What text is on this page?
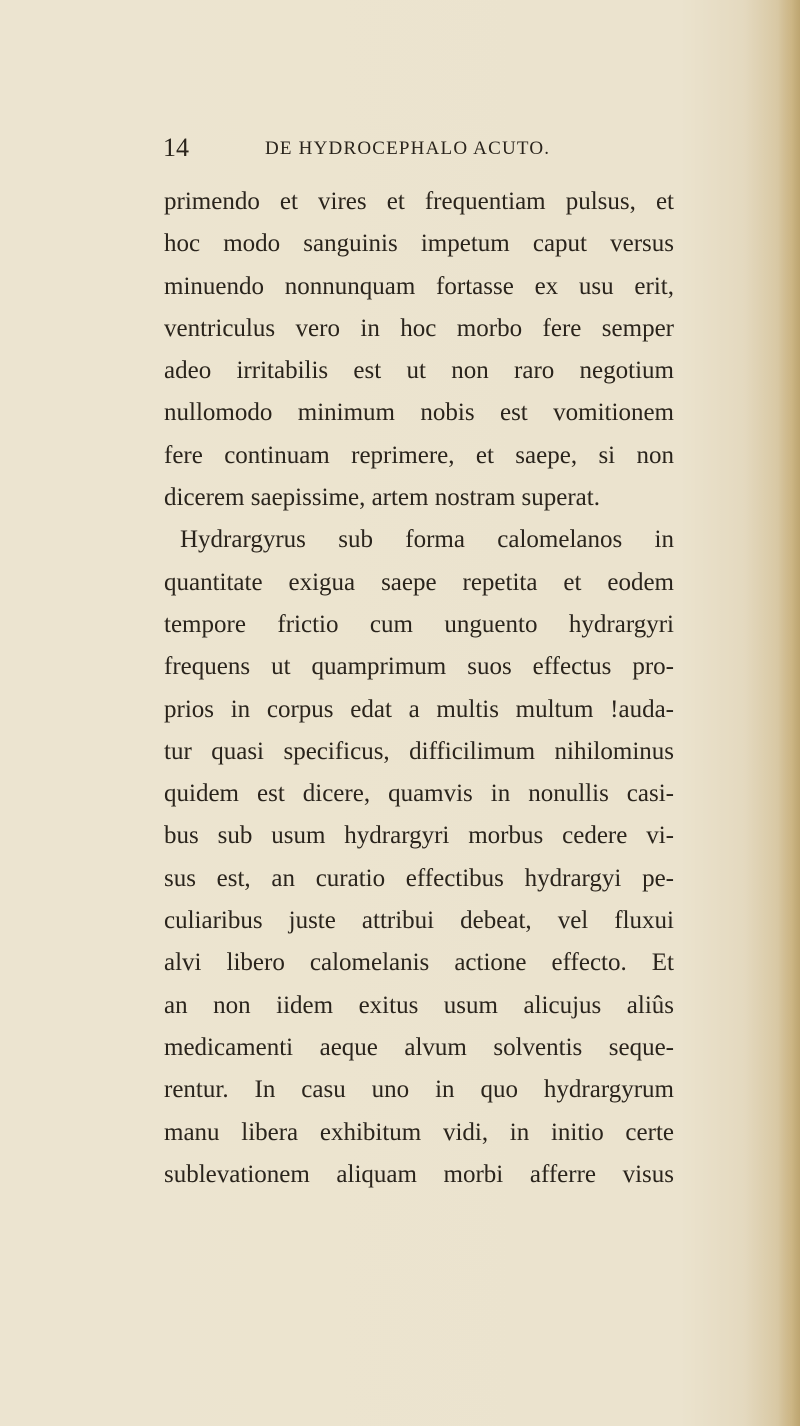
14	DE HYDROCEPHALO ACUTO.
primendo et vires et frequentiam pulsus, et
hoc modo sanguinis impetum caput versus
minuendo nonnunquam fortasse ex usu erit,
ventriculus vero in hoc morbo fere semper
adeo irritabilis est ut non raro negotium
nullomodo minimum nobis est vomitionem
fere continuam reprimere, et saepe, si non
dicerem saepissime, artem nostram superat.
Hydrargyrus sub forma calomelanos in
quantitate exigua saepe repetita et eodem
tempore frictio cum unguento hydrargyri
frequens ut quamprimum suos effectus pro-
prios in corpus edat a multis multum !auda-
tur quasi specificus, difficilimum nihilominus
quidem est dicere, quamvis in nonullis casi-
bus sub usum hydrargyri morbus cedere vi-
sus est, an curatio effectibus hydrargyi pe-
culiaribus juste attribui debeat, vel fluxui
alvi libero calomelanis actione effecto. Et
an non iidem exitus usum alicujus aliûs
medicamenti aeque alvum solventis seque-
rentur. In casu uno in quo hydrargyrum
manu libera exhibitum vidi, in initio certe
sublevationem aliquam morbi afferre visus
